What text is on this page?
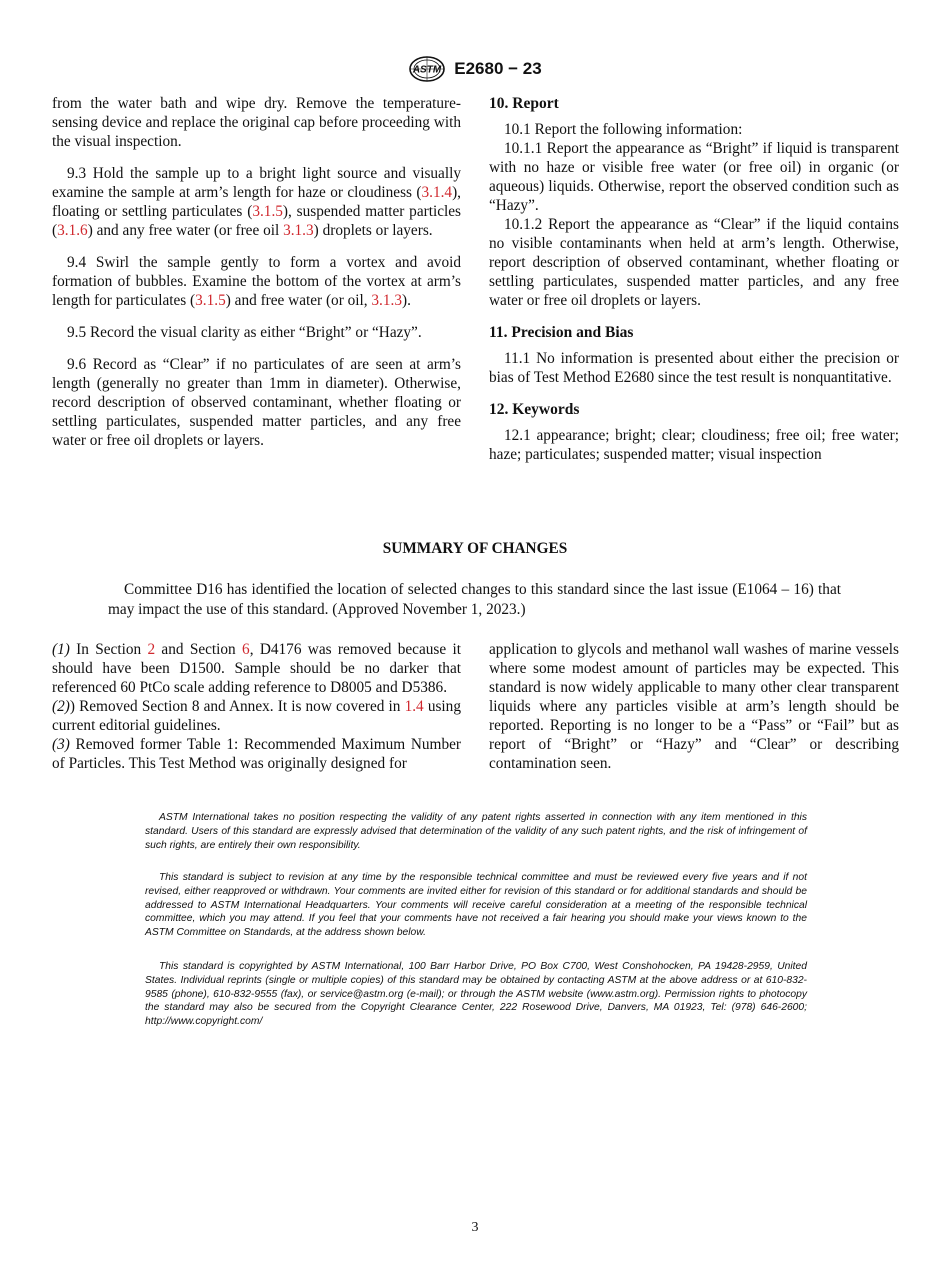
ASTM E2680 − 23

from the water bath and wipe dry. Remove the temperature-sensing device and replace the original cap before proceeding with the visual inspection.

9.3 Hold the sample up to a bright light source and visually examine the sample at arm’s length for haze or cloudiness (3.1.4), floating or settling particulates (3.1.5), suspended matter particles (3.1.6) and any free water (or free oil 3.1.3) droplets or layers.

9.4 Swirl the sample gently to form a vortex and avoid formation of bubbles. Examine the bottom of the vortex at arm’s length for particulates (3.1.5) and free water (or oil, 3.1.3).

9.5 Record the visual clarity as either “Bright” or “Hazy”.

9.6 Record as “Clear” if no particulates of are seen at arm’s length (generally no greater than 1mm in diameter). Otherwise, record description of observed contaminant, whether floating or settling particulates, suspended matter particles, and any free water or free oil droplets or layers.

10. Report

10.1 Report the following information:

10.1.1 Report the appearance as “Bright” if liquid is transparent with no haze or visible free water (or free oil) in organic (or aqueous) liquids. Otherwise, report the observed condition such as “Hazy”.

10.1.2 Report the appearance as “Clear” if the liquid contains no visible contaminants when held at arm’s length. Otherwise, report description of observed contaminant, whether floating or settling particulates, suspended matter particles, and any free water or free oil droplets or layers.

11. Precision and Bias

11.1 No information is presented about either the precision or bias of Test Method E2680 since the test result is nonquantitative.

12. Keywords

12.1 appearance; bright; clear; cloudiness; free oil; free water; haze; particulates; suspended matter; visual inspection

SUMMARY OF CHANGES

Committee D16 has identified the location of selected changes to this standard since the last issue (E1064 – 16) that may impact the use of this standard. (Approved November 1, 2023.)

(1) In Section 2 and Section 6, D4176 was removed because it should have been D1500. Sample should be no darker that referenced 60 PtCo scale adding reference to D8005 and D5386.

(2)) Removed Section 8 and Annex. It is now covered in 1.4 using current editorial guidelines.

(3) Removed former Table 1: Recommended Maximum Number of Particles. This Test Method was originally designed for

application to glycols and methanol wall washes of marine vessels where some modest amount of particles may be expected. This standard is now widely applicable to many other clear transparent liquids where any particles visible at arm’s length should be reported. Reporting is no longer to be a “Pass” or “Fail” but as report of “Bright” or “Hazy” and “Clear” or describing contamination seen.

ASTM International takes no position respecting the validity of any patent rights asserted in connection with any item mentioned in this standard. Users of this standard are expressly advised that determination of the validity of any such patent rights, and the risk of infringement of such rights, are entirely their own responsibility.

This standard is subject to revision at any time by the responsible technical committee and must be reviewed every five years and if not revised, either reapproved or withdrawn. Your comments are invited either for revision of this standard or for additional standards and should be addressed to ASTM International Headquarters. Your comments will receive careful consideration at a meeting of the responsible technical committee, which you may attend. If you feel that your comments have not received a fair hearing you should make your views known to the ASTM Committee on Standards, at the address shown below.

This standard is copyrighted by ASTM International, 100 Barr Harbor Drive, PO Box C700, West Conshohocken, PA 19428-2959, United States. Individual reprints (single or multiple copies) of this standard may be obtained by contacting ASTM at the above address or at 610-832-9585 (phone), 610-832-9555 (fax), or service@astm.org (e-mail); or through the ASTM website (www.astm.org). Permission rights to photocopy the standard may also be secured from the Copyright Clearance Center, 222 Rosewood Drive, Danvers, MA 01923, Tel: (978) 646-2600; http://www.copyright.com/

3
